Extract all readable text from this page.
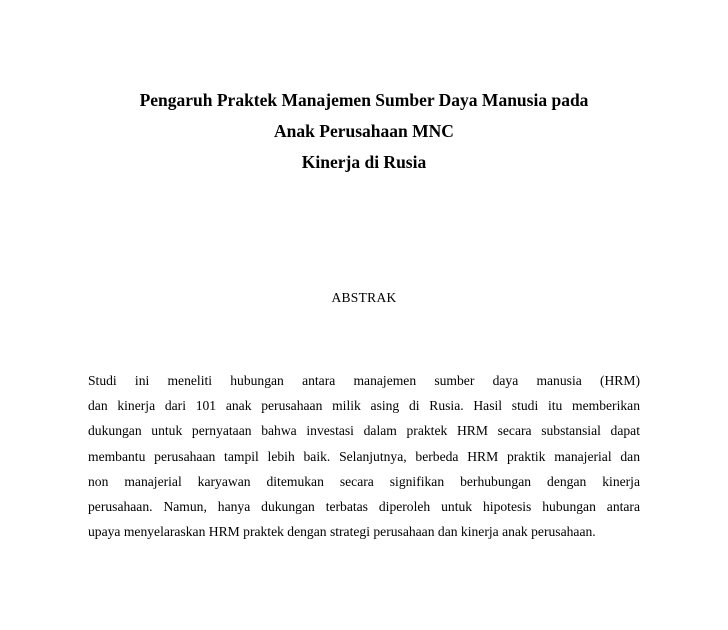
Pengaruh Praktek Manajemen Sumber Daya Manusia pada
Anak Perusahaan MNC
Kinerja di Rusia
ABSTRAK
Studi ini meneliti hubungan antara manajemen sumber daya manusia (HRM)
dan kinerja dari 101 anak perusahaan milik asing di Rusia. Hasil studi itu memberikan
dukungan untuk pernyataan bahwa investasi dalam praktek HRM secara substansial dapat
membantu perusahaan tampil lebih baik. Selanjutnya, berbeda HRM praktik manajerial dan
non manajerial karyawan ditemukan secara signifikan berhubungan dengan kinerja
perusahaan. Namun, hanya dukungan terbatas diperoleh untuk hipotesis hubungan antara
upaya menyelaraskan HRM praktek dengan strategi perusahaan dan kinerja anak perusahaan.
